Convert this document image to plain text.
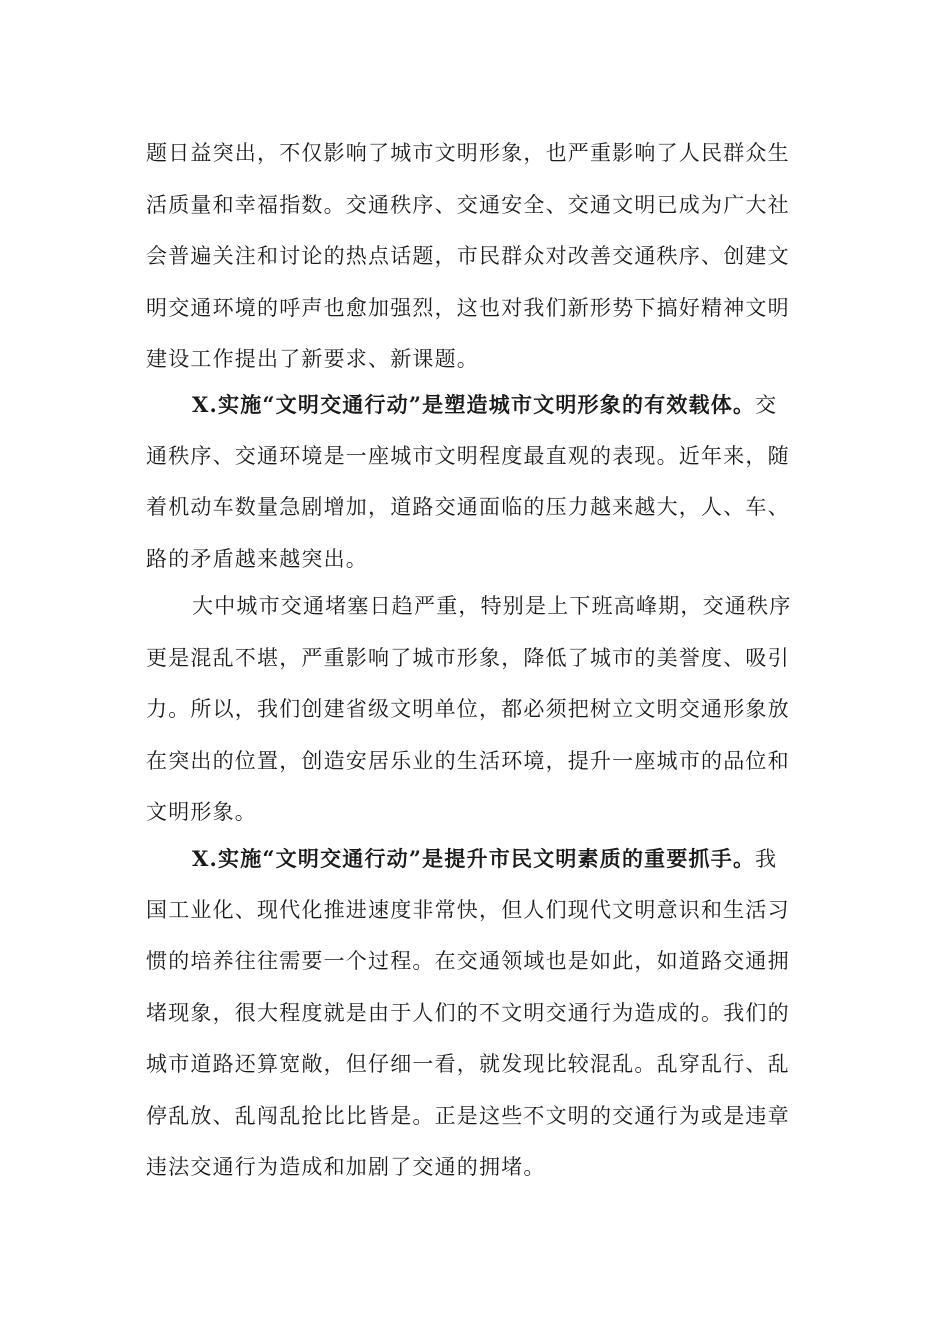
题日益突出，不仅影响了城市文明形象，也严重影响了人民群众生
活质量和幸福指数。交通秩序、交通安全、交通文明已成为广大社
会普遍关注和讨论的热点话题，市民群众对改善交通秩序、创建文
明交通环境的呼声也愈加强烈，这也对我们新形势下搞好精神文明
建设工作提出了新要求、新课题。
X.实施“文明交通行动”是塑造城市文明形象的有效载体。交
通秩序、交通环境是一座城市文明程度最直观的表现。近年来，随
着机动车数量急剧增加，道路交通面临的压力越来越大，人、车、
路的矛盾越来越突出。
大中城市交通堵塞日趋严重，特别是上下班高峰期，交通秩序
更是混乱不堪，严重影响了城市形象，降低了城市的美誉度、吸引
力。所以，我们创建省级文明单位，都必须把树立文明交通形象放
在突出的位置，创造安居乐业的生活环境，提升一座城市的品位和
文明形象。
X.实施“文明交通行动”是提升市民文明素质的重要抓手。我
国工业化、现代化推进速度非常快，但人们现代文明意识和生活习
惯的培养往往需要一个过程。在交通领域也是如此，如道路交通拥
堵现象，很大程度就是由于人们的不文明交通行为造成的。我们的
城市道路还算宽敞，但仔细一看，就发现比较混乱。乱穿乱行、乱
停乱放、乱闯乱抢比比皆是。正是这些不文明的交通行为或是违章
违法交通行为造成和加剧了交通的拥堵。
